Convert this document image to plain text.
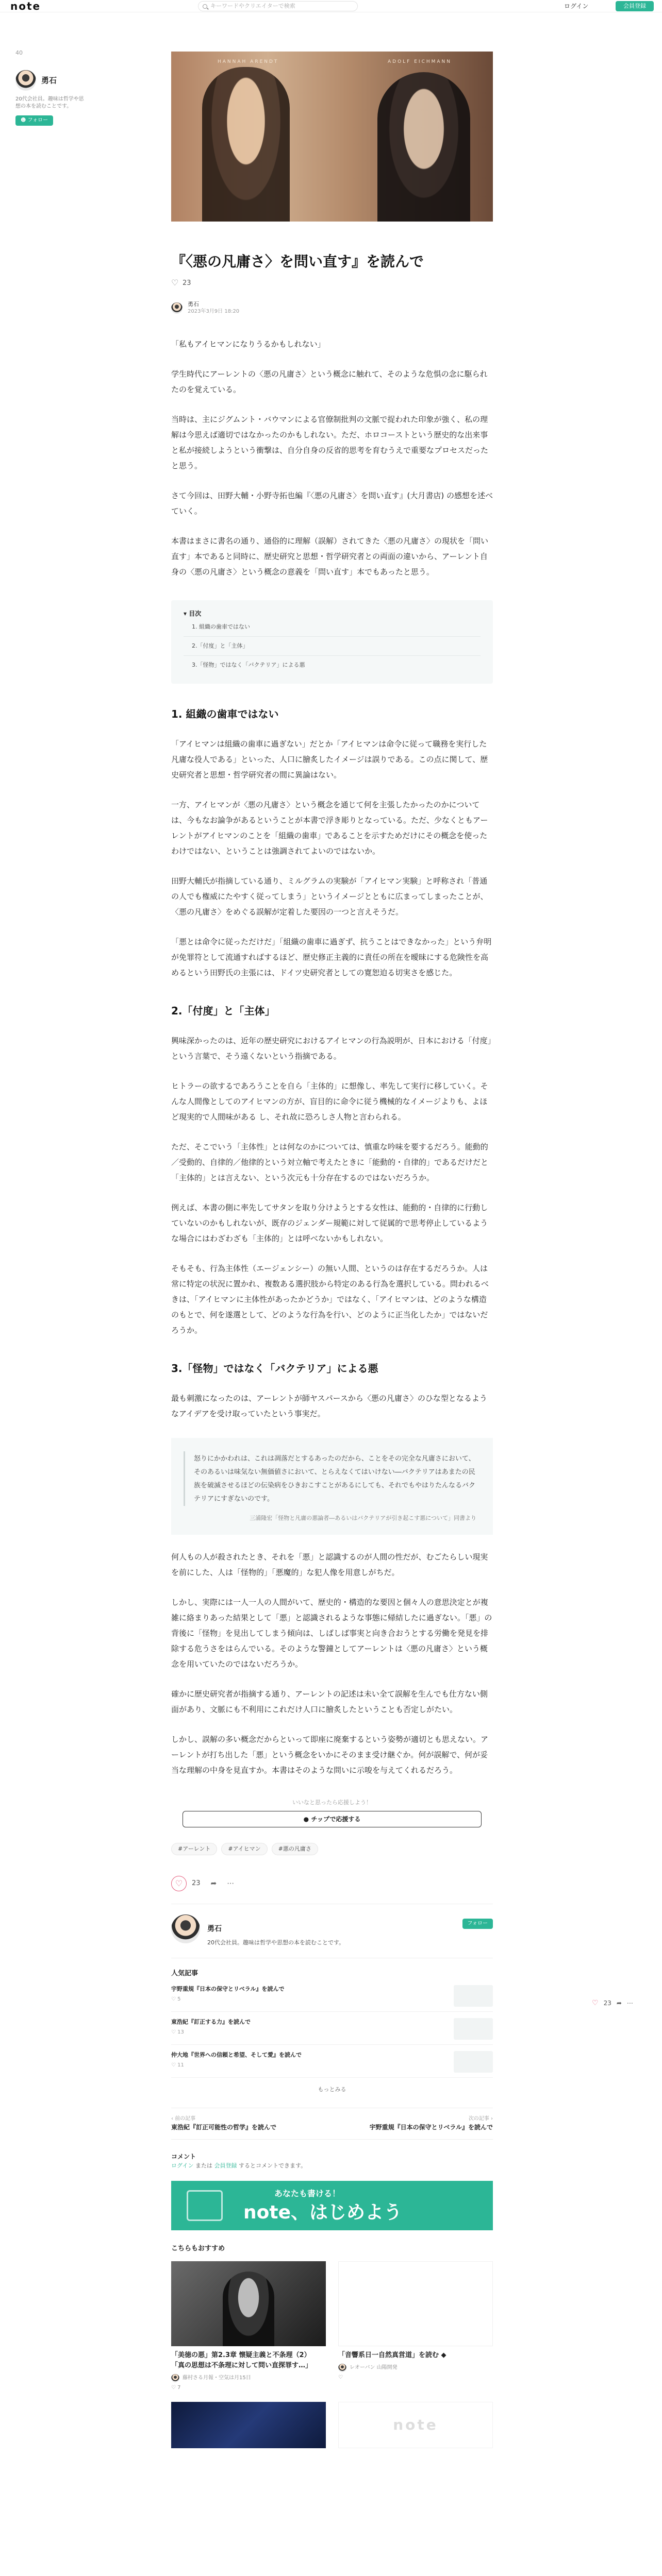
note	キーワードやクリエイターで検索	ログイン	会員登録
40
勇石
20代会社員。趣味は哲学や思想の本を読むことです。
☻ フォロー
HANNAH ARENDT	ADOLF EICHMANN
『〈悪の凡庸さ〉を問い直す』を読んで
♡
23
勇石
2023年3月9日 18:20

「私もアイヒマンになりうるかもしれない」

学生時代にアーレントの〈悪の凡庸さ〉という概念に触れて、そのような危惧の念に駆られたのを覚えている。

当時は、主にジグムント・バウマンによる官僚制批判の文脈で捉われた印象が強く、私の理解は今思えば適切ではなかったのかもしれない。ただ、ホロコーストという歴史的な出来事と私が接続しようという衝撃は、自分自身の反省的思考を育むうえで重要なプロセスだったと思う。

さて今回は、田野大輔・小野寺拓也編『〈悪の凡庸さ〉を問い直す』(大月書店) の感想を述べていく。

本書はまさに書名の通り、通俗的に理解（誤解）されてきた〈悪の凡庸さ〉の現状を「問い直す」本であると同時に、歴史研究と思想・哲学研究者との両面の違いから、アーレント自身の〈悪の凡庸さ〉という概念の意義を「問い直す」本でもあったと思う。

▾ 目次
1. 組織の歯車ではない
2.「付度」と「主体」
3.「怪物」ではなく「バクテリア」による悪
1. 組織の歯車ではない

「アイヒマンは組織の歯車に過ぎない」だとか「アイヒマンは命令に従って職務を実行した凡庸な役人である」といった、人口に膾炙したイメージは誤りである。この点に関して、歴史研究者と思想・哲学研究者の間に異論はない。

一方、アイヒマンが〈悪の凡庸さ〉という概念を通じて何を主張したかったのかについては、今もなお論争があるということが本書で浮き彫りとなっている。ただ、少なくともアーレントがアイヒマンのことを「組織の歯車」であることを示すためだけにその概念を使ったわけではない、ということは強調されてよいのではないか。

田野大輔氏が指摘している通り、ミルグラムの実験が「アイヒマン実験」と呼称され「普通の人でも権威にたやすく従ってしまう」というイメージとともに広まってしまったことが、〈悪の凡庸さ〉をめぐる誤解が定着した要因の一つと言えそうだ。

「悪とは命令に従っただけだ」「組織の歯車に過ぎず、抗うことはできなかった」という弁明が免罪符として流通すればするほど、歴史修正主義的に責任の所在を曖昧にする危険性を高めるという田野氏の主張には、ドイツ史研究者としての寛恕迫る切実さを感じた。

2.「付度」と「主体」

興味深かったのは、近年の歴史研究におけるアイヒマンの行為説明が、日本における「付度」という言葉で、そう遠くないという指摘である。

ヒトラーの欲するであろうことを自ら「主体的」に想像し、率先して実行に移していく。そんな人間像としてのアイヒマンの方が、盲目的に命令に従う機械的なイメージよりも、よほど現実的で人間味がある し、それ故に恐ろしさ人物と言わられる。

ただ、そこでいう「主体性」とは何なのかについては、慎重な吟味を要するだろう。能動的／受動的、自律的／他律的という対立軸で考えたときに「能動的・自律的」であるだけだと「主体的」とは言えない、という次元も十分存在するのではないだろうか。

例えば、本書の側に率先してサタンを取り分けようとする女性は、能動的・自律的に行動していないのかもしれないが、既存のジェンダー規範に対して従属的で思考停止しているような場合にはわざわざも「主体的」とは呼べないかもしれない。

そもそも、行為主体性（エージェンシー）の無い人間、というのは存在するだろうか。人は常に特定の状況に置かれ、複数ある選択肢から特定のある行為を選択している。問われるべきは、「アイヒマンに主体性があったかどうか」ではなく、「アイヒマンは、どのような構造のもとで、何を遂選として、どのような行為を行い、どのように正当化したか」ではないだろうか。

3.「怪物」ではなく「バクテリア」による悪

最も刺激になったのは、アーレントが師ヤスパースから〈悪の凡庸さ〉のひな型となるようなアイデアを受け取っていたという事実だ。

怒りにかかわれは、これは凋落だとするあったのだから、ことをその完全な凡庸さにおいて、そのあるいは味気ない無価値さにおいて、とらえなくてはいけない―バクテリアはあまたの民族を破滅させるほどの伝染病をひきおこすことがあるにしても、それでもやはりたんなるバクテリアにすぎないのです。
三浦隆宏「怪物と凡庸の悪論者―あるいはバクテリアが引き起こす悪について」同書より

何人もの人が殺されたとき、それを「悪」と認識するのが人間の性だが、むごたらしい現実を前にした、人は「怪物的」「悪魔的」な犯人像を用意しがちだ。

しかし、実際には一人一人の人間がいて、歴史的・構造的な要因と個々人の意思決定とが複雑に絡まりあった結果として「悪」と認識されるような事態に帰結したに過ぎない。「悪」の背後に「怪物」を見出してしまう傾向は、しばしば事実と向き合おうとする労働を発見を排除する危うさをはらんでいる。そのような警鐘としてアーレントは〈悪の凡庸さ〉という概念を用いていたのではないだろうか。

確かに歴史研究者が指摘する通り、アーレントの記述は未い全て誤解を生んでも仕方ない側面があり、文脈にも不利用にこれだけ人口に膾炙したということも否定しがたい。

しかし、誤解の多い概念だからといって即座に廃棄するという姿勢が適切とも思えない。アーレントが打ち出した「悪」という概念をいかにそのまま受け継ぐか。何が誤解で、何が妥当な理解の中身を見直すか。本書はそのような問いに示唆を与えてくれるだろう。

いいなと思ったら応援しよう！
● チップで応援する
#アーレント	#アイヒマン	#悪の凡庸さ
♡ 23 ➦ ⋯
勇石
20代会社員。趣味は哲学や思想の本を読むことです。
フォロー
人気記事
宇野重規『日本の保守とリベラル』を読んで
♡ 5
東浩紀『訂正する力』を読んで
♡ 13
仲大地『世界への信頼と希望、そして愛』を読んで
♡ 11
もっとみる
‹ 前の記事
東浩紀『訂正可能性の哲学』を読んで
次の記事 ›
宇野重規『日本の保守とリベラル』を読んで
コメント
ログイン または 会員登録 するとコメントできます。
あなたも書ける！
note、はじめよう
こちらもおすすめ
「美徳の悪」第2.3章 懐疑主義と不条理（2） 「真の思想は不条理に対して問い直探罪す…」
藤村さる月報・空気は月15日
♡ 7
「音響系日一自然真営道」を読む ◆
レオーバン 山陽開発
♡
note
♡ 23 ➦ ⋯
